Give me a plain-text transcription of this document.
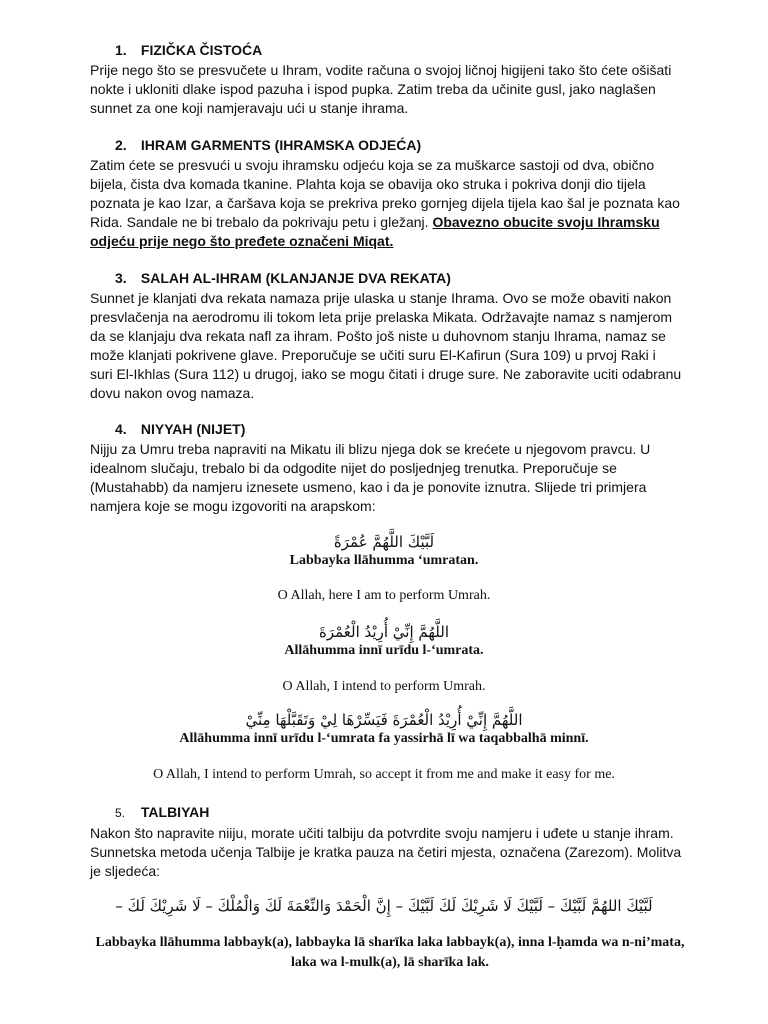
1. FIZIČKA ČISTOĆA

Prije nego što se presvučete u Ihram, vodite računa o svojoj ličnoj higijeni tako što ćete ošišati nokte i ukloniti dlake ispod pazuha i ispod pupka. Zatim treba da učinite gusl, jako naglašen sunnet za one koji namjeravaju ući u stanje ihrama.

2. IHRAM GARMENTS (IHRAMSKA ODJEĆA)

Zatim ćete se presvući u svoju ihramsku odjeću koja se za muškarce sastoji od dva, obično bijela, čista dva komada tkanine. Plahta koja se obavija oko struka i pokriva donji dio tijela poznata je kao Izar, a čaršava koja se prekriva preko gornjeg dijela tijela kao šal je poznata kao Rida. Sandale ne bi trebalo da pokrivaju petu i gležanj. Obavezno obucite svoju Ihramsku odjeću prije nego što pređete označeni Miqat.

3. SALAH AL-IHRAM (KLANJANJE DVA REKATA)

Sunnet je klanjati dva rekata namaza prije ulaska u stanje Ihrama. Ovo se može obaviti nakon presvlačenja na aerodromu ili tokom leta prije prelaska Mikata. Održavajte namaz s namjerom da se klanjaju dva rekata nafl za ihram. Pošto još niste u duhovnom stanju Ihrama, namaz se može klanjati pokrivene glave. Preporučuje se učiti suru El-Kafirun (Sura 109) u prvoj Raki i suri El-Ikhlas (Sura 112) u drugoj, iako se mogu čitati i druge sure. Ne zaboravite uciti odabranu dovu nakon ovog namaza.

4. NIYYAH (NIJET)

Nijju za Umru treba napraviti na Mikatu ili blizu njega dok se krećete u njegovom pravcu. U idealnom slučaju, trebalo bi da odgodite nijet do posljednjeg trenutka. Preporučuje se (Mustahabb) da namjeru iznesete usmeno, kao i da je ponovite iznutra. Slijede tri primjera namjera koje se mogu izgovoriti na arapskom:

لَبَّيْكَ اللَّهُمَّ عُمْرَةً
Labbayka llāhumma ‘umratan.
O Allah, here I am to perform Umrah.
اللَّهُمَّ إِنِّيْ أُرِيْدُ الْعُمْرَةَ
Allāhumma innī urīdu l-‘umrata.
O Allah, I intend to perform Umrah.
اللَّهُمَّ إِنِّيْ أُرِيْدُ الْعُمْرَةَ فَيَسِّرْهَا لِيْ وَتَقَبَّلْهَا مِنِّيْ
Allāhumma innī urīdu l-‘umrata fa yassirhā lī wa taqabbalhā minnī.
O Allah, I intend to perform Umrah, so accept it from me and make it easy for me.
5. TALBIYAH

Nakon što napravite niiju, morate učiti talbiju da potvrdite svoju namjeru i uđete u stanje ihram. Sunnetska metoda učenja Talbije je kratka pauza na četiri mjesta, označena (Zarezom). Molitva je sljedeća:

لَبَّيْكَ اللهُمَّ لَبَّيْكَ – لَبَّيْكَ لَا شَرِيْكَ لَكَ لَبَّيْكَ – إِنَّ الْحَمْدَ وَالنِّعْمَةَ لَكَ وَالْمُلْكَ – لَا شَرِيْكَ لَكَ –
Labbayka llāhumma labbayk(a), labbayka lā sharīka laka labbayk(a), inna l-ḥamda wa n-ni’mata, laka wa l-mulk(a), lā sharīka lak.
